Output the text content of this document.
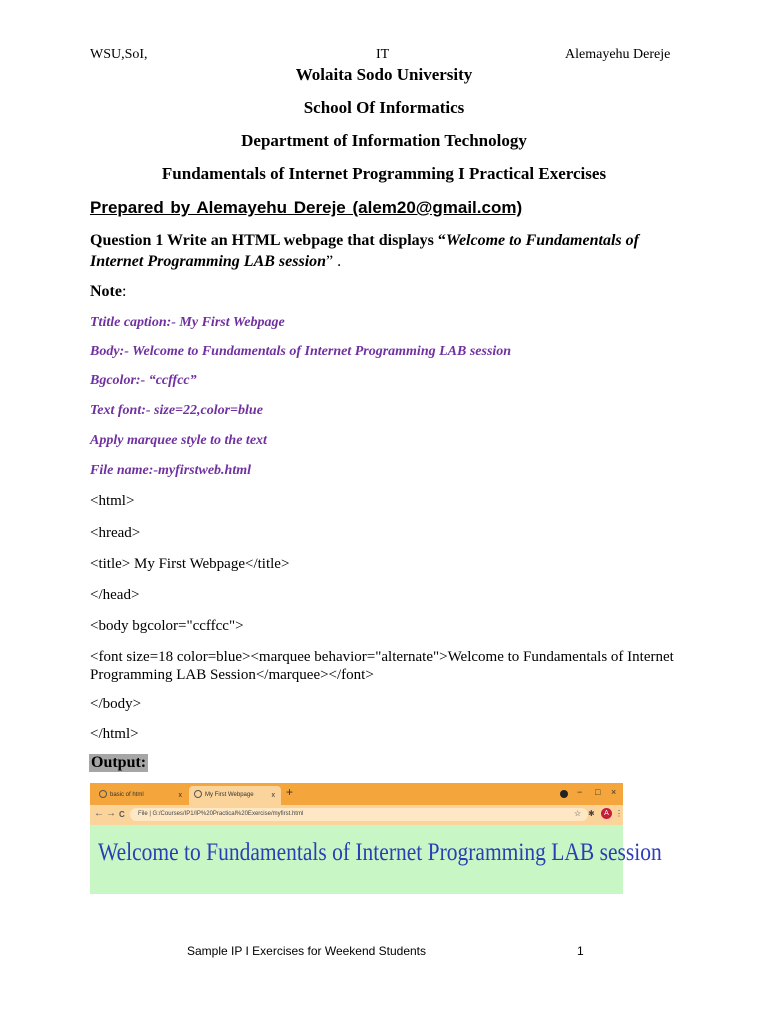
WSU,SoI,	IT	Alemayehu Dereje
Wolaita Sodo University
School Of Informatics
Department of Information Technology
Fundamentals of Internet Programming I Practical Exercises
Prepared by Alemayehu Dereje (alem20@gmail.com)
Question 1 Write an HTML webpage that displays “Welcome to Fundamentals of Internet Programming LAB session” .
Note:
Ttitle caption:- My First Webpage
Body:- Welcome to Fundamentals of Internet Programming LAB session
Bgcolor:- “ccffcc”
Text font:- size=22,color=blue
Apply marquee style to the text
File name:-myfirstweb.html
<html>
<hread>
<title> My First Webpage</title>
</head>
<body bgcolor="ccffcc">
<font size=18 color=blue><marquee behavior="alternate">Welcome to Fundamentals of Internet Programming LAB Session</marquee></font>
</body>
</html>
Output:
basic of html	x	My First Webpage	x +	− □ ×
← → C	File | G:/Courses/IP1/IP%20Practical%20Exercise/myfirst.html	☆ ✱	⋮
A
Welcome to Fundamentals of Internet Programming LAB session
Sample IP I Exercises for Weekend Students	1
